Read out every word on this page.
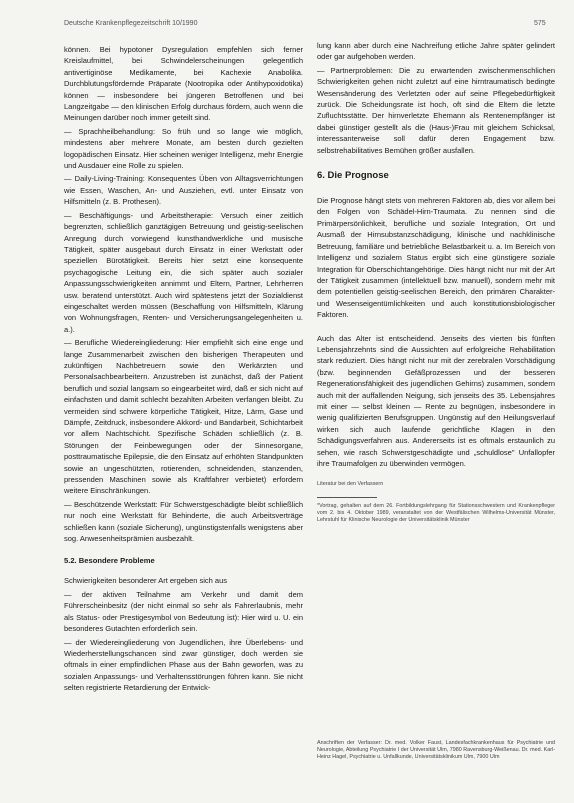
Deutsche Krankenpflegezeitschrift 10/1990	575

können. Bei hypotoner Dysregulation empfehlen sich ferner Kreislaufmittel, bei Schwindelerscheinungen gelegentlich antivertiginöse Medikamente, bei Kachexie Anabolika. Durchblutungsfördernde Präparate (Nootropika oder Antihypoxidotika) können — insbesondere bei jüngeren Betroffenen und bei Langzeitgabe — den klinischen Erfolg durchaus fördern, auch wenn die Meinungen darüber noch immer geteilt sind.

— Sprachheilbehandlung: So früh und so lange wie möglich, mindestens aber mehrere Monate, am besten durch gezielten logopädischen Einsatz. Hier scheinen weniger Intelligenz, mehr Energie und Ausdauer eine Rolle zu spielen.

— Daily-Living-Training: Konsequentes Üben von Alltagsverrichtungen wie Essen, Waschen, An- und Ausziehen, evtl. unter Einsatz von Hilfsmitteln (z. B. Prothesen).

— Beschäftigungs- und Arbeitstherapie: Versuch einer zeitlich begrenzten, schließlich ganztägigen Betreuung und geistig-seelischen Anregung durch vorwiegend kunsthandwerkliche und musische Tätigkeit, später ausgebaut durch Einsatz in einer Werkstatt oder speziellen Bürotätigkeit. Bereits hier setzt eine konsequente psychagogische Leitung ein, die sich später auch sozialer Anpassungsschwierigkeiten annimmt und Eltern, Partner, Lehrherren usw. beratend unterstützt. Auch wird spätestens jetzt der Sozialdienst eingeschaltet werden müssen (Beschaffung von Hilfsmitteln, Klärung von Wohnungsfragen, Renten- und Versicherungsangelegenheiten u. a.).

— Berufliche Wiedereingliederung: Hier empfiehlt sich eine enge und lange Zusammenarbeit zwischen den bisherigen Therapeuten und zukünftigen Nachbetreuern sowie den Werkärzten und Personalsachbearbeitern. Anzustreben ist zunächst, daß der Patient beruflich und sozial langsam so eingearbeitet wird, daß er sich nicht auf einfachsten und damit schlecht bezahlten Arbeiten verfangen bleibt. Zu vermeiden sind schwere körperliche Tätigkeit, Hitze, Lärm, Gase und Dämpfe, Zeitdruck, insbesondere Akkord- und Bandarbeit, Schichtarbeit vor allem Nachtschicht. Spezifische Schäden schließlich (z. B. Störungen der Feinbewegungen oder der Sinnesorgane, posttraumatische Epilepsie, die den Einsatz auf erhöhten Standpunkten sowie an ungeschützten, rotierenden, schneidenden, stanzenden, pressenden Maschinen sowie als Kraftfahrer verbietet) erfordern weitere Einschränkungen.

— Beschützende Werkstatt: Für Schwerstgeschädigte bleibt schließlich nur noch eine Werkstatt für Behinderte, die auch Arbeitsverträge schließen kann (soziale Sicherung), ungünstigstenfalls wenigstens aber sog. Anwesenheitsprämien ausbezahlt.

5.2. Besondere Probleme

Schwierigkeiten besonderer Art ergeben sich aus

— der aktiven Teilnahme am Verkehr und damit dem Führerscheinbesitz (der nicht einmal so sehr als Fahrerlaubnis, mehr als Status- oder Prestigesymbol von Bedeutung ist): Hier wird u. U. ein besonderes Gutachten erforderlich sein.

— der Wiedereingliederung von Jugendlichen, ihre Überlebens- und Wiederherstellungschancen sind zwar günstiger, doch werden sie oftmals in einer empfindlichen Phase aus der Bahn geworfen, was zu sozialen Anpassungs- und Verhaltensstörungen führen kann. Sie nicht selten registrierte Retardierung der Entwick-

lung kann aber durch eine Nachreifung etliche Jahre später gelindert oder gar aufgehoben werden.

— Partnerproblemen: Die zu erwartenden zwischenmenschlichen Schwierigkeiten gehen nicht zuletzt auf eine hirntraumatisch bedingte Wesensänderung des Verletzten oder auf seine Pflegebedürftigkeit zurück. Die Scheidungsrate ist hoch, oft sind die Eltern die letzte Zufluchtsstätte. Der hirnverletzte Ehemann als Rentenempfänger ist dabei günstiger gestellt als die (Haus-)Frau mit gleichem Schicksal, interessanterweise soll dafür deren Engagement bzw. selbstrehabilitatives Bemühen größer ausfallen.

6. Die Prognose

Die Prognose hängt stets von mehreren Faktoren ab, dies vor allem bei den Folgen von Schädel-Hirn-Traumata. Zu nennen sind die Primärpersönlichkeit, berufliche und soziale Integration, Ort und Ausmaß der Hirnsubstanzschädigung, klinische und nachklinische Betreuung, familiäre und betriebliche Belastbarkeit u. a. Im Bereich von Intelligenz und sozialem Status ergibt sich eine günstigere soziale Integration für Oberschichtangehörige. Dies hängt nicht nur mit der Art der Tätigkeit zusammen (intellektuell bzw. manuell), sondern mehr mit dem potentiellen geistig-seelischen Bereich, den primären Charakter- und Wesenseigentümlichkeiten und auch konstitutionsbiologischer Faktoren.

Auch das Alter ist entscheidend. Jenseits des vierten bis fünften Lebensjahrzehnts sind die Aussichten auf erfolgreiche Rehabilitation stark reduziert. Dies hängt nicht nur mit der zerebralen Vorschädigung (bzw. beginnenden Gefäßprozessen und der besseren Regenerationsfähigkeit des jugendlichen Gehirns) zusammen, sondern auch mit der auffallenden Neigung, sich jenseits des 35. Lebensjahres mit einer — selbst kleinen — Rente zu begnügen, insbesondere in wenig qualifizierten Berufsgruppen. Ungünstig auf den Heilungsverlauf wirken sich auch laufende gerichtliche Klagen in den Schädigungsverfahren aus. Andererseits ist es oftmals erstaunlich zu sehen, wie rasch Schwerstgeschädigte und „schuldlose" Unfallopfer ihre Traumafolgen zu überwinden vermögen.

Literatur bei den Verfassern

*Vortrag, gehalten auf dem 26. Fortbildungslehrgang für Stationsschwestern und Krankenpfleger vom 2. bis 4. Oktober 1989, veranstaltet von der Westfälischen Wilhelms-Universität Münster, Lehrstuhl für Klinische Neurologie der Universitätsklinik Münster

Anschriften der Verfasser: Dr. med. Volker Faust, Landesfachkrankenhaus für Psychiatrie und Neurologie, Abteilung Psychiatrie I der Universität Ulm, 7980 Ravensburg-Weißenau. Dr. med. Karl-Heinz Hagel, Psychiatrie u. Unfallkunde, Universitätsklinikum Ulm, 7900 Ulm
